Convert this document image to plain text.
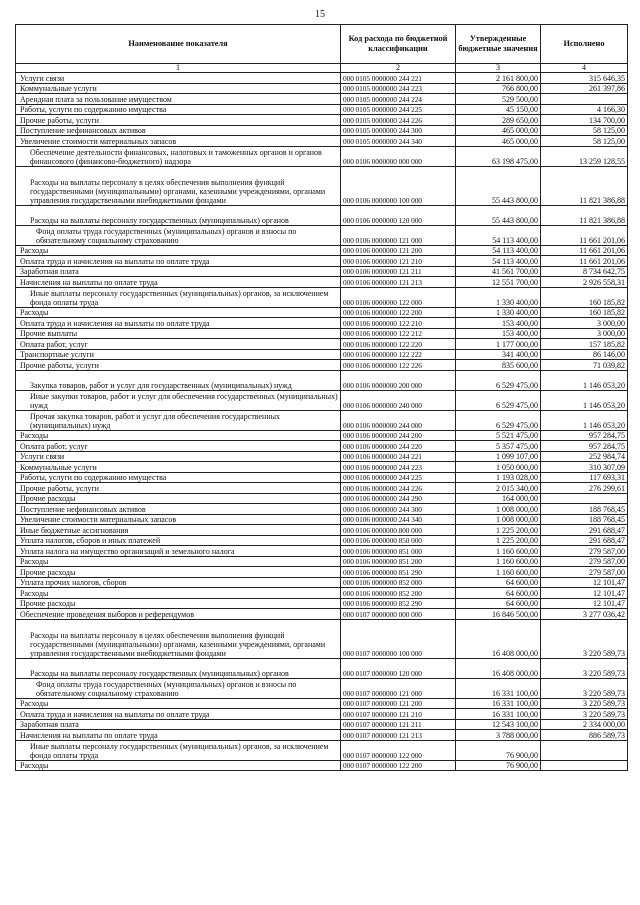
15
Наименование показателя	Код расхода по бюджетной классификации	Утвержденные бюджетные значения	Исполнено
1	2	3	4
Услуги связи	000 0105 0000000 244 221	2 161 800,00	315 646,35
Коммунальные услуги	000 0105 0000000 244 223	766 800,00	261 397,86
Арендная плата за пользование имуществом	000 0105 0000000 244 224	529 500,00	
Работы, услуги по содержанию имущества	000 0105 0000000 244 225	45 150,00	4 166,30
Прочие работы, услуги	000 0105 0000000 244 226	289 650,00	134 700,00
Поступление нефинансовых активов	000 0105 0000000 244 300	465 000,00	58 125,00
Увеличение стоимости материальных запасов	000 0105 0000000 244 340	465 000,00	58 125,00
Обеспечение деятельности финансовых, налоговых и таможенных органов и органов финансового (финансово-бюджетного) надзора	000 0106 0000000 000 000	63 198 475,00	13 259 128,55
Расходы на выплаты персоналу в целях обеспечения выполнения функций государственными (муниципальными) органами, казенными учреждениями, органами управления государственными внебюджетными фондами	000 0106 0000000 100 000	55 443 800,00	11 821 386,88
Расходы на выплаты персоналу государственных (муниципальных) органов	000 0106 0000000 120 000	55 443 800,00	11 821 386,88
Фонд оплаты труда государственных (муниципальных) органов и взносы по обязательному социальному страхованию	000 0106 0000000 121 000	54 113 400,00	11 661 201,06
Расходы	000 0106 0000000 121 200	54 113 400,00	11 661 201,06
Оплата труда и начисления на выплаты по оплате труда	000 0106 0000000 121 210	54 113 400,00	11 661 201,06
Заработная плата	000 0106 0000000 121 211	41 561 700,00	8 734 642,75
Начисления на выплаты по оплате труда	000 0106 0000000 121 213	12 551 700,00	2 926 558,31
Иные выплаты персоналу государственных (муниципальных) органов, за исключением фонда оплаты труда	000 0106 0000000 122 000	1 330 400,00	160 185,82
Расходы	000 0106 0000000 122 200	1 330 400,00	160 185,82
Оплата труда и начисления на выплаты по оплате труда	000 0106 0000000 122 210	153 400,00	3 000,00
Прочие выплаты	000 0106 0000000 122 212	153 400,00	3 000,00
Оплата работ, услуг	000 0106 0000000 122 220	1 177 000,00	157 185,82
Транспортные услуги	000 0106 0000000 122 222	341 400,00	86 146,00
Прочие работы, услуги	000 0106 0000000 122 226	835 600,00	71 039,82
Закупка товаров, работ и услуг для государственных (муниципальных) нужд	000 0106 0000000 200 000	6 529 475,00	1 146 053,20
Иные закупки товаров, работ и услуг для обеспечения государственных (муниципальных) нужд	000 0106 0000000 240 000	6 529 475,00	1 146 053,20
Прочая закупка товаров, работ и услуг для обеспечения государственных (муниципальных) нужд	000 0106 0000000 244 000	6 529 475,00	1 146 053,20
Расходы	000 0106 0000000 244 200	5 521 475,00	957 284,75
Оплата работ, услуг	000 0106 0000000 244 220	5 357 475,00	957 284,75
Услуги связи	000 0106 0000000 244 221	1 099 107,00	252 984,74
Коммунальные услуги	000 0106 0000000 244 223	1 050 000,00	310 307,09
Работы, услуги по содержанию имущества	000 0106 0000000 244 225	1 193 028,00	117 693,31
Прочие работы, услуги	000 0106 0000000 244 226	2 015 340,00	276 299,61
Прочие расходы	000 0106 0000000 244 290	164 000,00	
Поступление нефинансовых активов	000 0106 0000000 244 300	1 008 000,00	188 768,45
Увеличение стоимости материальных запасов	000 0106 0000000 244 340	1 008 000,00	188 768,45
Иные бюджетные ассигнования	000 0106 0000000 800 000	1 225 200,00	291 688,47
Уплата налогов, сборов и иных платежей	000 0106 0000000 850 000	1 225 200,00	291 688,47
Уплата налога на имущество организаций и земельного налога	000 0106 0000000 851 000	1 160 600,00	279 587,00
Расходы	000 0106 0000000 851 200	1 160 600,00	279 587,00
Прочие расходы	000 0106 0000000 851 290	1 160 600,00	279 587,00
Уплата прочих налогов, сборов	000 0106 0000000 852 000	64 600,00	12 101,47
Расходы	000 0106 0000000 852 200	64 600,00	12 101,47
Прочие расходы	000 0106 0000000 852 290	64 600,00	12 101,47
Обеспечение проведения выборов и референдумов	000 0107 0000000 000 000	16 846 500,00	3 277 036,42
Расходы на выплаты персоналу в целях обеспечения выполнения функций государственными (муниципальными) органами, казенными учреждениями, органами управления государственными внебюджетными фондами	000 0107 0000000 100 000	16 408 000,00	3 220 589,73
Расходы на выплаты персоналу государственных (муниципальных) органов	000 0107 0000000 120 000	16 408 000,00	3 220 589,73
Фонд оплаты труда государственных (муниципальных) органов и взносы по обязательному социальному страхованию	000 0107 0000000 121 000	16 331 100,00	3 220 589,73
Расходы	000 0107 0000000 121 200	16 331 100,00	3 220 589,73
Оплата труда и начисления на выплаты по оплате труда	000 0107 0000000 121 210	16 331 100,00	3 220 589,73
Заработная плата	000 0107 0000000 121 211	12 543 100,00	2 334 000,00
Начисления на выплаты по оплате труда	000 0107 0000000 121 213	3 788 000,00	886 589,73
Иные выплаты персоналу государственных (муниципальных) органов, за исключением фонда оплаты труда	000 0107 0000000 122 000	76 900,00	
Расходы	000 0107 0000000 122 200	76 900,00	
